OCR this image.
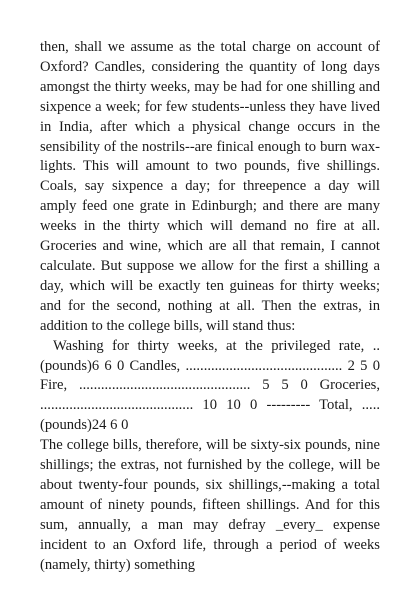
then, shall we assume as the total charge on account of Oxford? Candles, considering the quantity of long days amongst the thirty weeks, may be had for one shilling and sixpence a week; for few students--unless they have lived in India, after which a physical change occurs in the sensibility of the nostrils--are finical enough to burn wax-lights. This will amount to two pounds, five shillings. Coals, say sixpence a day; for threepence a day will amply feed one grate in Edinburgh; and there are many weeks in the thirty which will demand no fire at all. Groceries and wine, which are all that remain, I cannot calculate. But suppose we allow for the first a shilling a day, which will be exactly ten guineas for thirty weeks; and for the second, nothing at all. Then the extras, in addition to the college bills, will stand thus:

Washing for thirty weeks, at the privileged rate, .. (pounds)6 6 0 Candles, ........................................... 2 5 0 Fire, ............................................... 5 5 0 Groceries, .......................................... 10 10 0 --------- Total, ..... (pounds)24 6 0

The college bills, therefore, will be sixty-six pounds, nine shillings; the extras, not furnished by the college, will be about twenty-four pounds, six shillings,--making a total amount of ninety pounds, fifteen shillings. And for this sum, annually, a man may defray _every_ expense incident to an Oxford life, through a period of weeks (namely, thirty) something
